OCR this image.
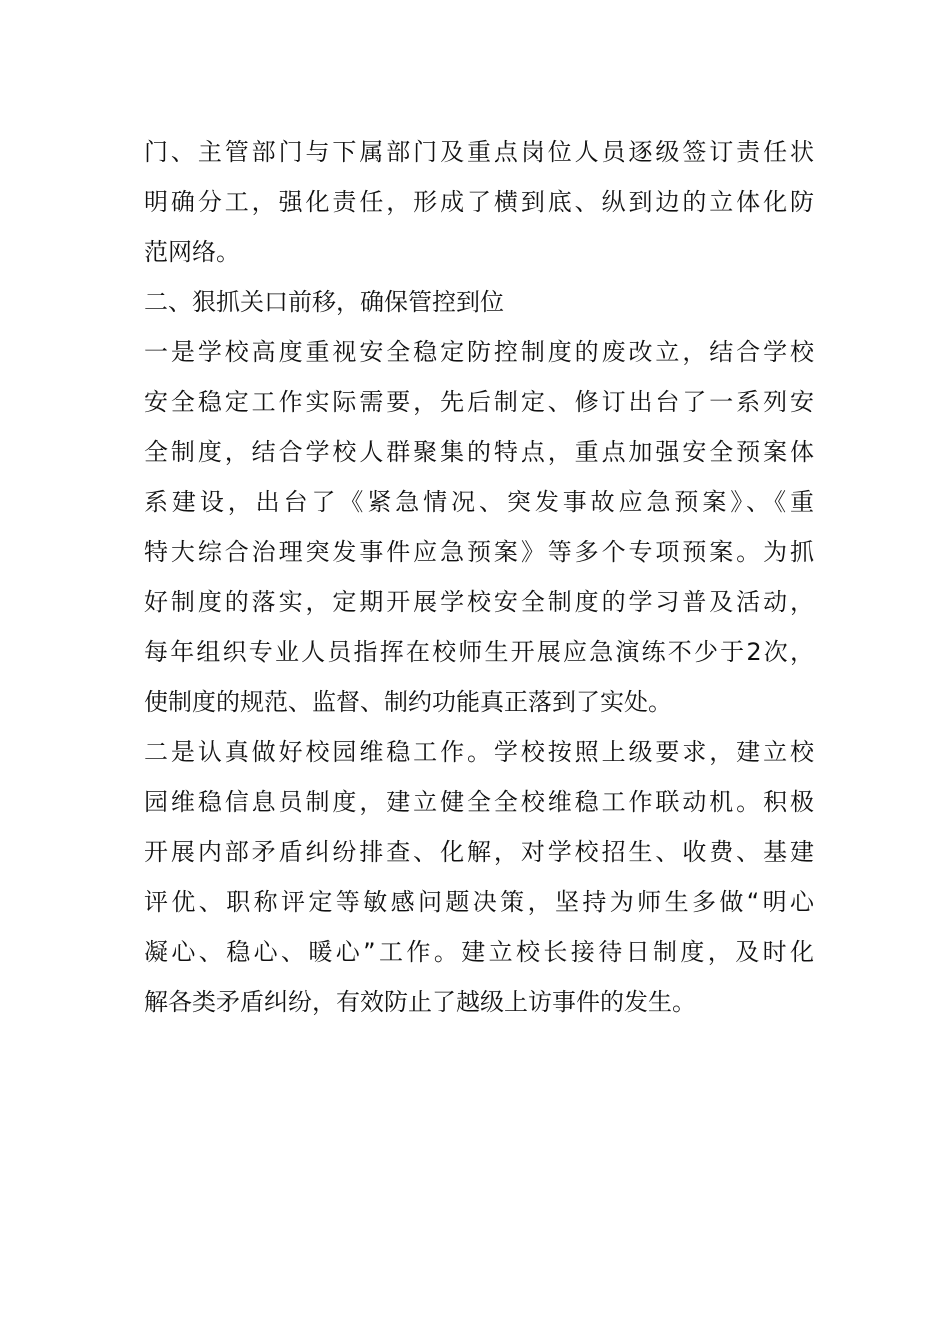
门、主管部门与下属部门及重点岗位人员逐级签订责任状
明确分工，强化责任，形成了横到底、纵到边的立体化防
范网络。
二、狠抓关口前移，确保管控到位
一是学校高度重视安全稳定防控制度的废改立，结合学校
安全稳定工作实际需要，先后制定、修订出台了一系列安
全制度，结合学校人群聚集的特点，重点加强安全预案体
系建设，出台了《紧急情况、突发事故应急预案》、《重
特大综合治理突发事件应急预案》等多个专项预案。为抓
好制度的落实，定期开展学校安全制度的学习普及活动，
每年组织专业人员指挥在校师生开展应急演练不少于2次，
使制度的规范、监督、制约功能真正落到了实处。
二是认真做好校园维稳工作。学校按照上级要求，建立校
园维稳信息员制度，建立健全全校维稳工作联动机。积极
开展内部矛盾纠纷排查、化解，对学校招生、收费、基建
评优、职称评定等敏感问题决策，坚持为师生多做“明心
凝心、稳心、暖心”工作。建立校长接待日制度，及时化
解各类矛盾纠纷，有效防止了越级上访事件的发生。
